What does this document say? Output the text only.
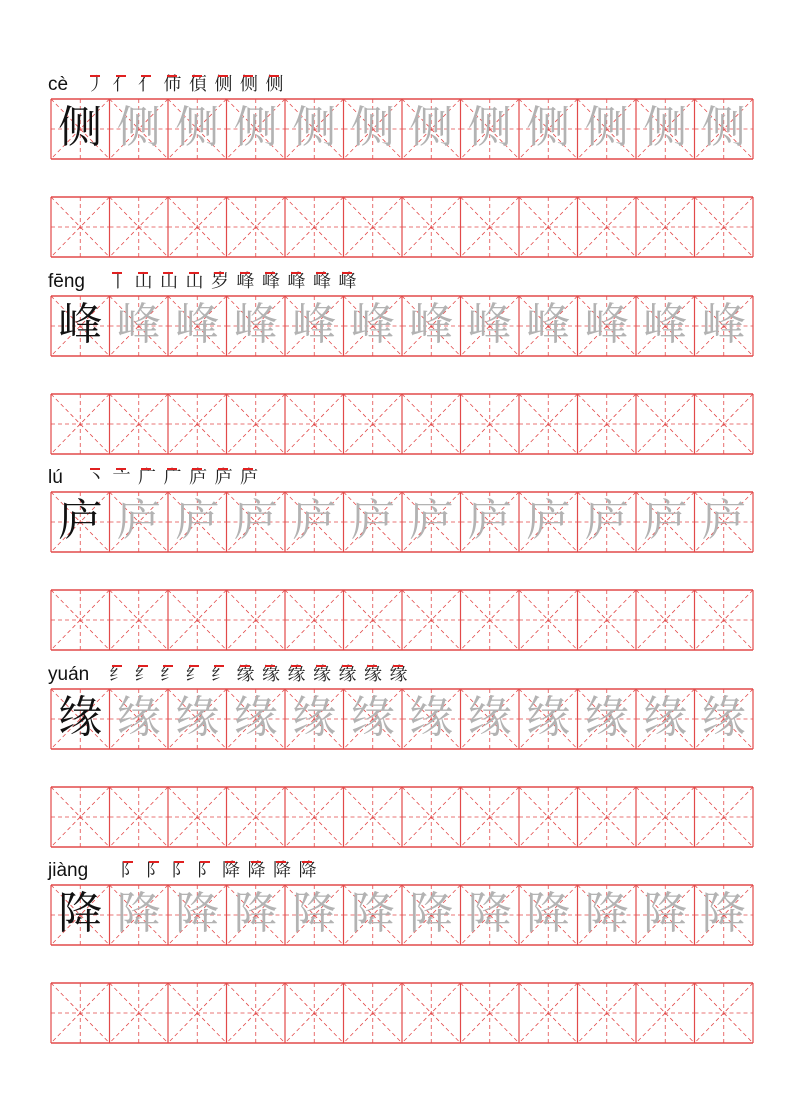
cè 丿 亻 亻 伂 㑯 侧 侧 侧
侧 侧 侧 侧 侧 侧 侧 侧 侧 侧 侧 侧
fēng 丨 山 山 山 岁 峰 峰 峰 峰 峰
峰 峰 峰 峰 峰 峰 峰 峰 峰 峰 峰 峰
lú 丶 亠 广 广 庐 庐 庐
庐 庐 庐 庐 庐 庐 庐 庐 庐 庐 庐 庐
yuán 纟 纟 纟 纟 纟 缘 缘 缘 缘 缘 缘 缘
缘 缘 缘 缘 缘 缘 缘 缘 缘 缘 缘 缘
jiàng 阝 阝 阝 阝 降 降 降 降
降 降 降 降 降 降 降 降 降 降 降 降
